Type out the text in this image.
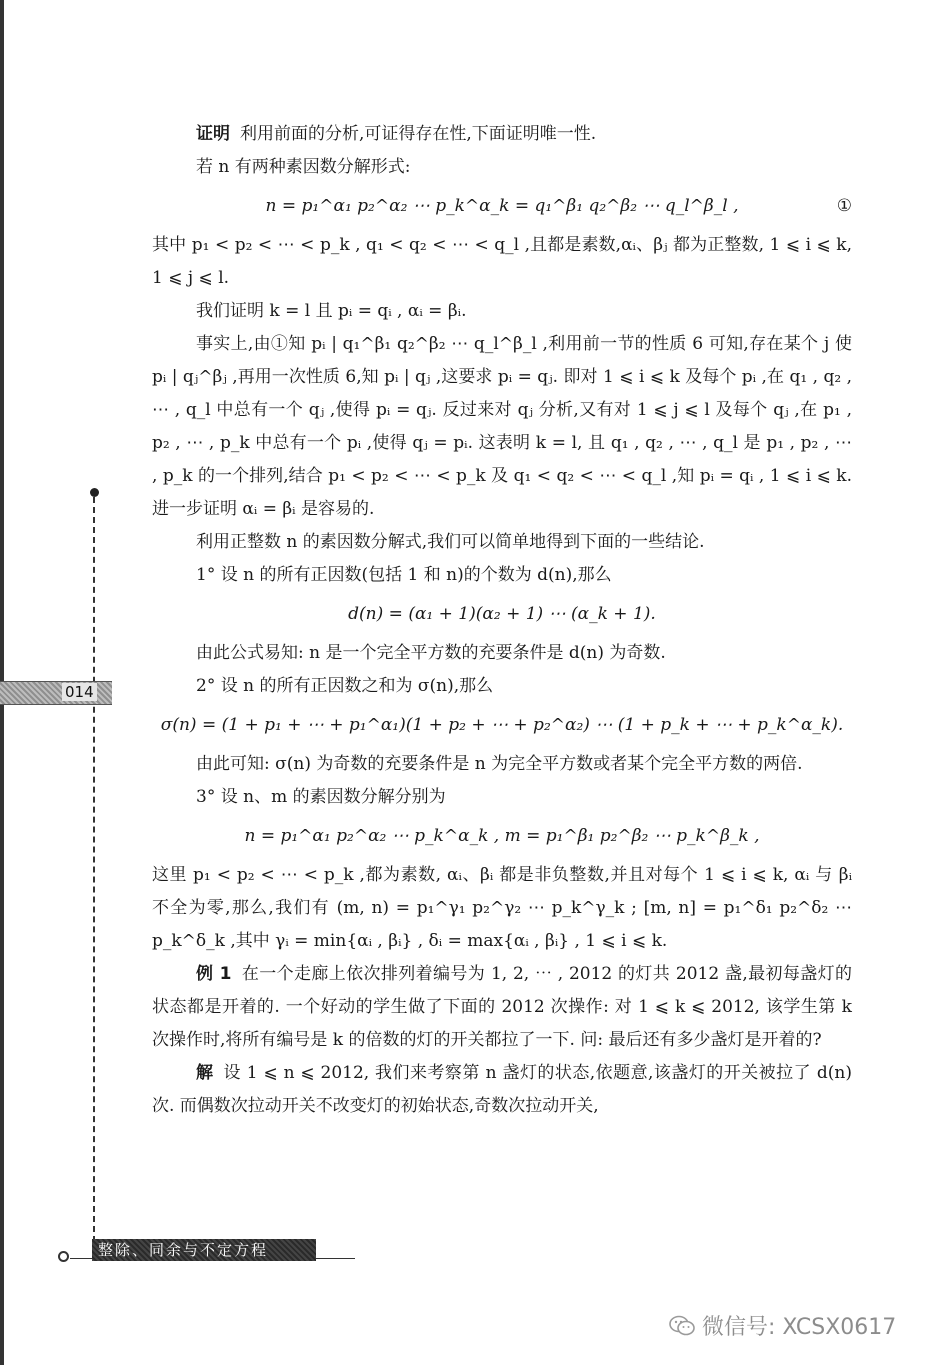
014

证明 利用前面的分析,可证得存在性,下面证明唯一性.

若 n 有两种素因数分解形式:

n = p₁^α₁ p₂^α₂ ⋯ p_k^α_k = q₁^β₁ q₂^β₂ ⋯ q_l^β_l ,	①

其中 p₁ < p₂ < ⋯ < p_k , q₁ < q₂ < ⋯ < q_l ,且都是素数,αᵢ、βⱼ 都为正整数, 1 ⩽ i ⩽ k, 1 ⩽ j ⩽ l.

我们证明 k = l 且 pᵢ = qᵢ , αᵢ = βᵢ.

事实上,由①知 pᵢ | q₁^β₁ q₂^β₂ ⋯ q_l^β_l ,利用前一节的性质 6 可知,存在某个 j 使 pᵢ | qⱼ^βⱼ ,再用一次性质 6,知 pᵢ | qⱼ ,这要求 pᵢ = qⱼ. 即对 1 ⩽ i ⩽ k 及每个 pᵢ ,在 q₁ , q₂ , ⋯ , q_l 中总有一个 qⱼ ,使得 pᵢ = qⱼ. 反过来对 qⱼ 分析,又有对 1 ⩽ j ⩽ l 及每个 qⱼ ,在 p₁ , p₂ , ⋯ , p_k 中总有一个 pᵢ ,使得 qⱼ = pᵢ. 这表明 k = l, 且 q₁ , q₂ , ⋯ , q_l 是 p₁ , p₂ , ⋯ , p_k 的一个排列,结合 p₁ < p₂ < ⋯ < p_k 及 q₁ < q₂ < ⋯ < q_l ,知 pᵢ = qᵢ , 1 ⩽ i ⩽ k. 进一步证明 αᵢ = βᵢ 是容易的.

利用正整数 n 的素因数分解式,我们可以简单地得到下面的一些结论.

1° 设 n 的所有正因数(包括 1 和 n)的个数为 d(n),那么

d(n) = (α₁ + 1)(α₂ + 1) ⋯ (α_k + 1).

由此公式易知: n 是一个完全平方数的充要条件是 d(n) 为奇数.

2° 设 n 的所有正因数之和为 σ(n),那么

σ(n) = (1 + p₁ + ⋯ + p₁^α₁)(1 + p₂ + ⋯ + p₂^α₂) ⋯ (1 + p_k + ⋯ + p_k^α_k).

由此可知: σ(n) 为奇数的充要条件是 n 为完全平方数或者某个完全平方数的两倍.

3° 设 n、m 的素因数分解分别为

n = p₁^α₁ p₂^α₂ ⋯ p_k^α_k , m = p₁^β₁ p₂^β₂ ⋯ p_k^β_k ,

这里 p₁ < p₂ < ⋯ < p_k ,都为素数, αᵢ、βᵢ 都是非负整数,并且对每个 1 ⩽ i ⩽ k, αᵢ 与 βᵢ 不全为零,那么,我们有 (m, n) = p₁^γ₁ p₂^γ₂ ⋯ p_k^γ_k ; [m, n] = p₁^δ₁ p₂^δ₂ ⋯ p_k^δ_k ,其中 γᵢ = min{αᵢ , βᵢ} , δᵢ = max{αᵢ , βᵢ} , 1 ⩽ i ⩽ k.

例 1 在一个走廊上依次排列着编号为 1, 2, ⋯ , 2012 的灯共 2012 盏,最初每盏灯的状态都是开着的. 一个好动的学生做了下面的 2012 次操作: 对 1 ⩽ k ⩽ 2012, 该学生第 k 次操作时,将所有编号是 k 的倍数的灯的开关都拉了一下. 问: 最后还有多少盏灯是开着的?

解 设 1 ⩽ n ⩽ 2012, 我们来考察第 n 盏灯的状态,依题意,该盏灯的开关被拉了 d(n) 次. 而偶数次拉动开关不改变灯的初始状态,奇数次拉动开关,

整除、同余与不定方程
微信号: XCSX0617
